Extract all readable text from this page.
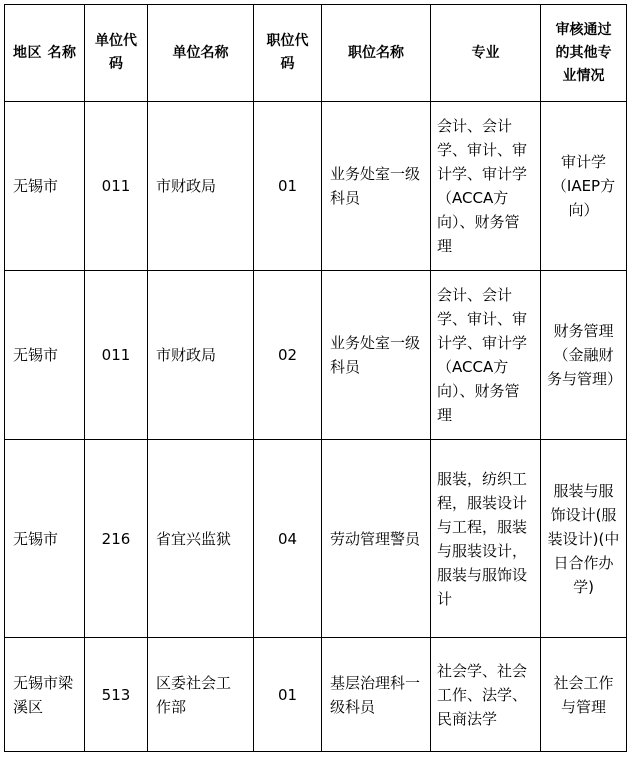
地区 名称	单位代码	单位名称	职位代码	职位名称	专业	审核通过的其他专业情况
无锡市	011	市财政局	01	业务处室一级科员	会计、会计学、审计、审计学、审计学（ACCA方向）、财务管理	审计学（IAEP方向）
无锡市	011	市财政局	02	业务处室一级科员	会计、会计学、审计、审计学、审计学（ACCA方向）、财务管理	财务管理（金融财务与管理）
无锡市	216	省宜兴监狱	04	劳动管理警员	服装，纺织工程，服装设计与工程，服装与服装设计，服装与服饰设计	服装与服饰设计(服装设计)(中日合作办学)
无锡市梁溪区	513	区委社会工作部	01	基层治理科一级科员	社会学、社会工作、法学、民商法学	社会工作与管理
